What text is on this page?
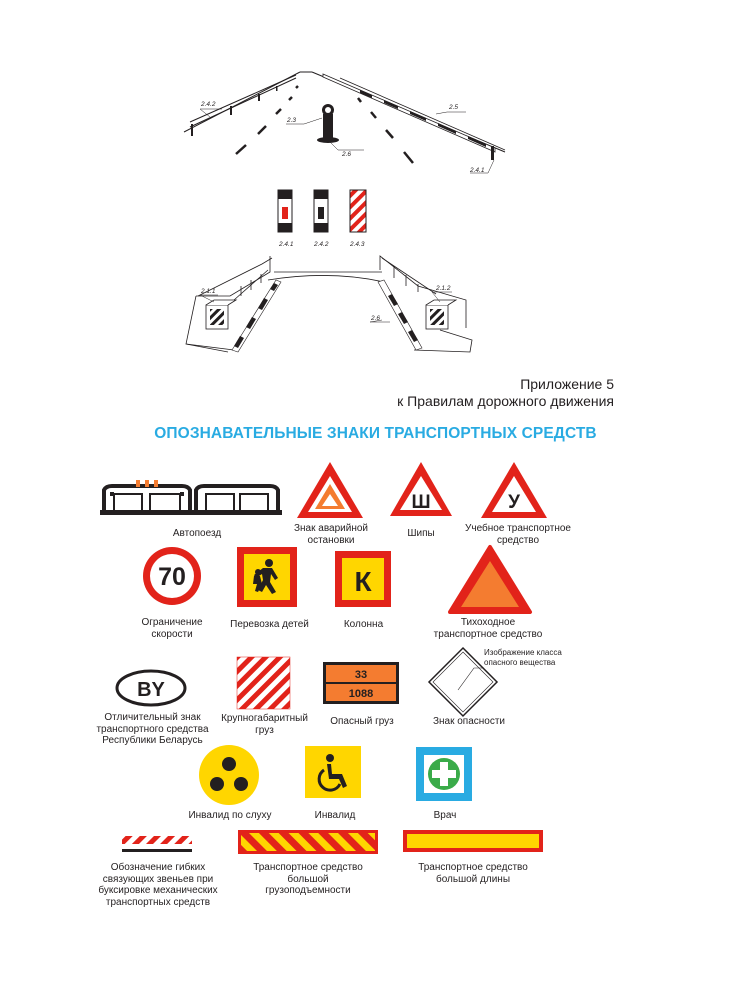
2.4.2
2.3
2.5
2.6
2.4.1
2.4.1	2.4.2	2.4.3
2.1.1	2.1.2
2.6
Приложение 5
к Правилам дорожного движения
ОПОЗНАВАТЕЛЬНЫЕ ЗНАКИ ТРАНСПОРТНЫХ СРЕДСТВ
Ш	У
70	К
BY
33
1088
Автопоезд	Знак аварийной
остановки
Шипы	Учебное транспортное
средство
Ограничение
скорости
Перевозка детей	Колонна	Тихоходное
транспортное средство
Отличительный знак
транспортного средства
Республики Беларусь
Крупногабаритный
груз
Опасный груз	Знак опасности
Изображение класса
опасного вещества
Инвалид по слуху	Инвалид	Врач
Обозначение гибких
связующих звеньев при
буксировке механических
транспортных средств
Транспортное средство
большой
грузоподъемности
Транспортное средство
большой длины
